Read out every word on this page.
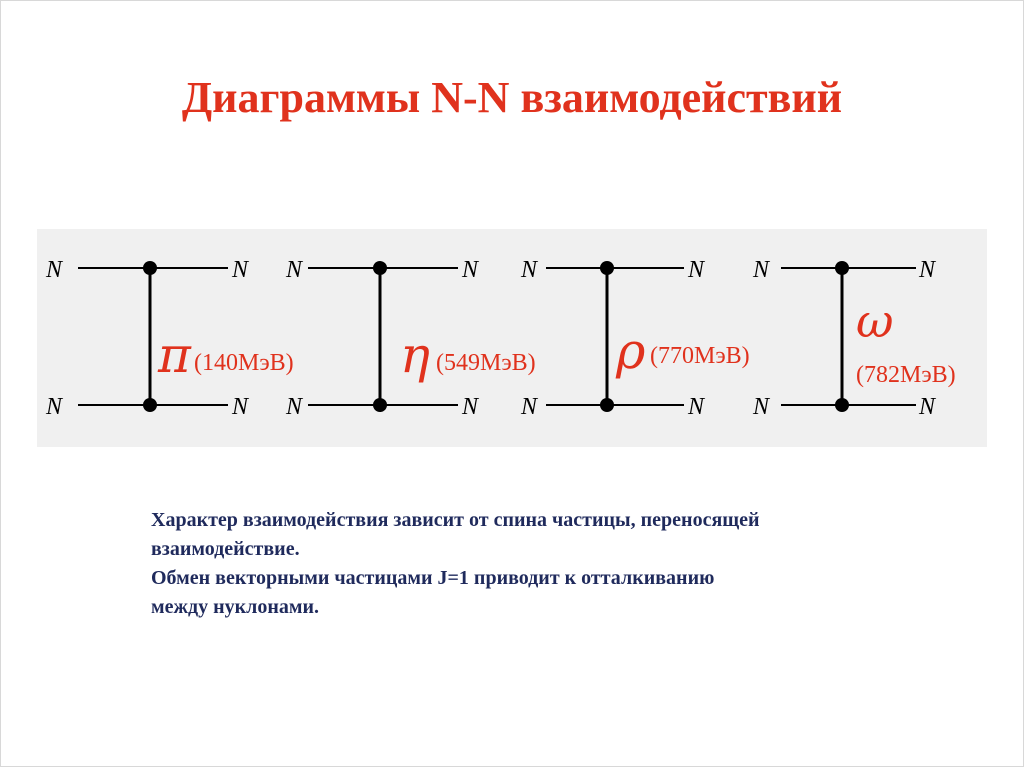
Диаграммы N-N взаимодействий
N	N
N	N
π (140МэВ)
N	N
N	N
η (549МэВ)
N	N
N	N
ρ (770МэВ)
N	N
N	N
ω
(782МэВ)
Характер взаимодействия зависит от спина частицы, переносящей
взаимодействие.
Обмен векторными частицами J=1 приводит к отталкиванию
между нуклонами.
